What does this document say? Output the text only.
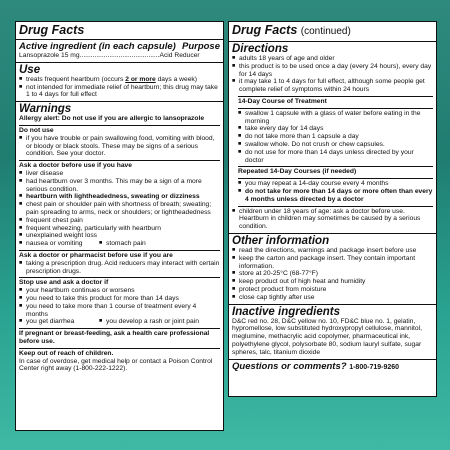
Drug Facts
Active ingredient (in each capsule) Purpose
Lansoprazole 15 mg...........................................Acid Reducer
Use
■ treats frequent heartburn (occurs 2 or more days a week)
■ not intended for immediate relief of heartburn; this drug may take 1 to 4 days for full effect
Warnings
Allergy alert: Do not use if you are allergic to lansoprazole
Do not use
■ if you have trouble or pain swallowing food, vomiting with blood, or bloody or black stools. These may be signs of a serious condition. See your doctor.
Ask a doctor before use if you have
■ liver disease
■ had heartburn over 3 months. This may be a sign of a more serious condition.
■ heartburn with lightheadedness, sweating or dizziness
■ chest pain or shoulder pain with shortness of breath; sweating; pain spreading to arms, neck or shoulders; or lightheadedness
■ frequent chest pain
■ frequent wheezing, particularly with heartburn
■ unexplained weight loss
■ nausea or vomiting	■ stomach pain
Ask a doctor or pharmacist before use if you are
■ taking a prescription drug. Acid reducers may interact with certain prescription drugs.
Stop use and ask a doctor if
■ your heartburn continues or worsens
■ you need to take this product for more than 14 days
■ you need to take more than 1 course of treatment every 4 months
■ you get diarrhea	■ you develop a rash or joint pain
If pregnant or breast-feeding, ask a health care professional before use.
Keep out of reach of children.
In case of overdose, get medical help or contact a Poison Control Center right away (1-800-222-1222).
Drug Facts (continued)
Directions
■ adults 18 years of age and older
■ this product is to be used once a day (every 24 hours), every day for 14 days
■ it may take 1 to 4 days for full effect, although some people get complete relief of symptoms within 24 hours
14-Day Course of Treatment
■ swallow 1 capsule with a glass of water before eating in the morning
■ take every day for 14 days
■ do not take more than 1 capsule a day
■ swallow whole. Do not crush or chew capsules.
■ do not use for more than 14 days unless directed by your doctor
Repeated 14-Day Courses (if needed)
■ you may repeat a 14-day course every 4 months
■ do not take for more than 14 days or more often than every 4 months unless directed by a doctor
■ children under 18 years of age: ask a doctor before use. Heartburn in children may sometimes be caused by a serious condition.
Other information
■ read the directions, warnings and package insert before use
■ keep the carton and package insert. They contain important information.
■ store at 20-25°C (68-77°F)
■ keep product out of high heat and humidity
■ protect product from moisture
■ close cap tightly after use
Inactive ingredients
D&C red no. 28, D&C yellow no. 10, FD&C blue no. 1, gelatin, hypromellose, low substituted hydroxypropyl cellulose, mannitol, meglumine, methacrylic acid copolymer, pharmaceutical ink, polyethylene glycol, polysorbate 80, sodium lauryl sulfate, sugar spheres, talc, titanium dioxide
Questions or comments? 1-800-719-9260
